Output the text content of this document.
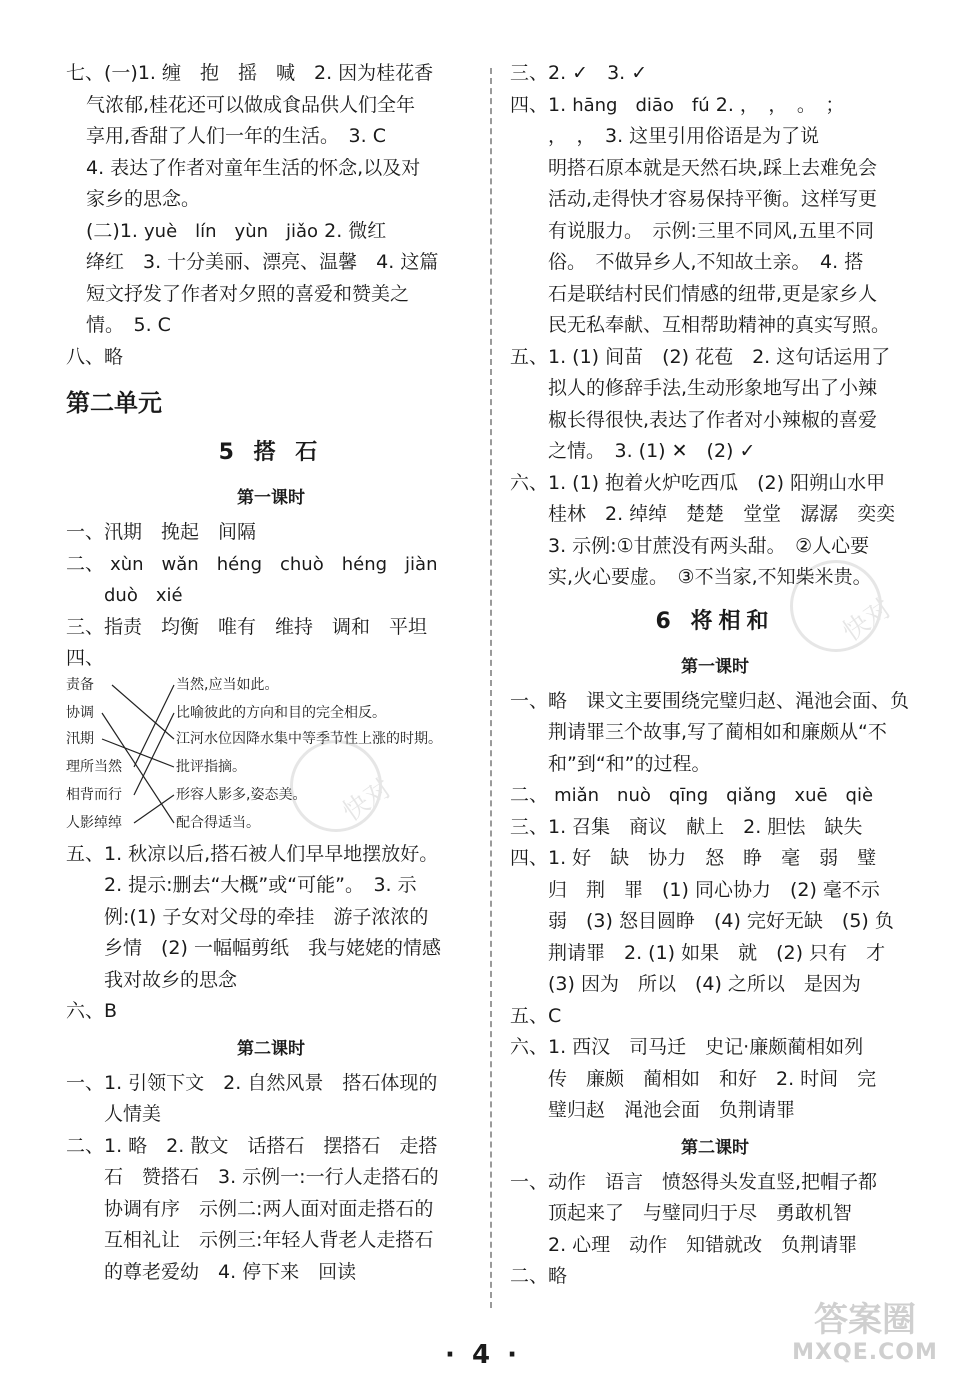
快对
快对

七、(一)1. 缠　抱　摇　喊　2. 因为桂花香

气浓郁,桂花还可以做成食品供人们全年

享用,香甜了人们一年的生活。　3. C

4. 表达了作者对童年生活的怀念,以及对

家乡的思念。

(二)1. yuè　lín　yùn　jiǎo 2. 微红

绛红　3. 十分美丽、漂亮、温馨　4. 这篇

短文抒发了作者对夕照的喜爱和赞美之

情。　5. C

八、略

第二单元
5 搭 石
第一课时

一、汛期　挽起　间隔

二、 xùn　wǎn　héng　chuò　héng　jiàn

duò　xié

三、指责　均衡　唯有　维持　调和　平坦

四、

责备
协调
汛期
理所当然
相背而行
人影绰绰
当然,应当如此。
比喻彼此的方向和目的完全相反。
江河水位因降水集中等季节性上涨的时期。
批评指摘。
形容人影多,姿态美。
配合得适当。

五、1. 秋凉以后,搭石被人们早早地摆放好。

2. 提示:删去“大概”或“可能”。　3. 示

例:(1) 子女对父母的牵挂　游子浓浓的

乡情　(2) 一幅幅剪纸　我与姥姥的情感

我对故乡的思念

六、B

第二课时

一、1. 引领下文　2. 自然风景　搭石体现的

人情美

二、1. 略　2. 散文　话搭石　摆搭石　走搭

石　赞搭石　3. 示例一:一行人走搭石的

协调有序　示例二:两人面对面走搭石的

互相礼让　示例三:年轻人背老人走搭石

的尊老爱幼　4. 停下来　回读

三、2. ✓　3. ✓

四、1. hāng　diāo　fú 2. ，　，　。　；

，　，　3. 这里引用俗语是为了说

明搭石原本就是天然石块,踩上去难免会

活动,走得快才容易保持平衡。这样写更

有说服力。　示例:三里不同风,五里不同

俗。　不做异乡人,不知故土亲。　4. 搭

石是联结村民们情感的纽带,更是家乡人

民无私奉献、互相帮助精神的真实写照。

五、1. (1) 间苗　(2) 花苞　2. 这句话运用了

拟人的修辞手法,生动形象地写出了小辣

椒长得很快,表达了作者对小辣椒的喜爱

之情。　3. (1) ✕　(2) ✓

六、1. (1) 抱着火炉吃西瓜　(2) 阳朔山水甲

桂林　2. 绰绰　楚楚　堂堂　潺潺　奕奕

3. 示例:①甘蔗没有两头甜。　②人心要

实,火心要虚。　③不当家,不知柴米贵。

6 将相和
第一课时

一、略　课文主要围绕完璧归赵、渑池会面、负

荆请罪三个故事,写了蔺相如和廉颇从“不

和”到“和”的过程。

二、 miǎn　nuò　qīng　qiǎng　xuē　qiè

三、1. 召集　商议　献上　2. 胆怯　缺失

四、1. 好　缺　协力　怒　睁　毫　弱　璧

归　荆　罪　(1) 同心协力　(2) 毫不示

弱　(3) 怒目圆睁　(4) 完好无缺　(5) 负

荆请罪　2. (1) 如果　就　(2) 只有　才

(3) 因为　所以　(4) 之所以　是因为

五、C

六、1. 西汉　司马迁　史记·廉颇蔺相如列

传　廉颇　蔺相如　和好　2. 时间　完

璧归赵　渑池会面　负荆请罪

第二课时

一、动作　语言　愤怒得头发直竖,把帽子都

顶起来了　与璧同归于尽　勇敢机智

2. 心理　动作　知错就改　负荆请罪

二、略

· 4 ·
答案圈
MXQE.COM
